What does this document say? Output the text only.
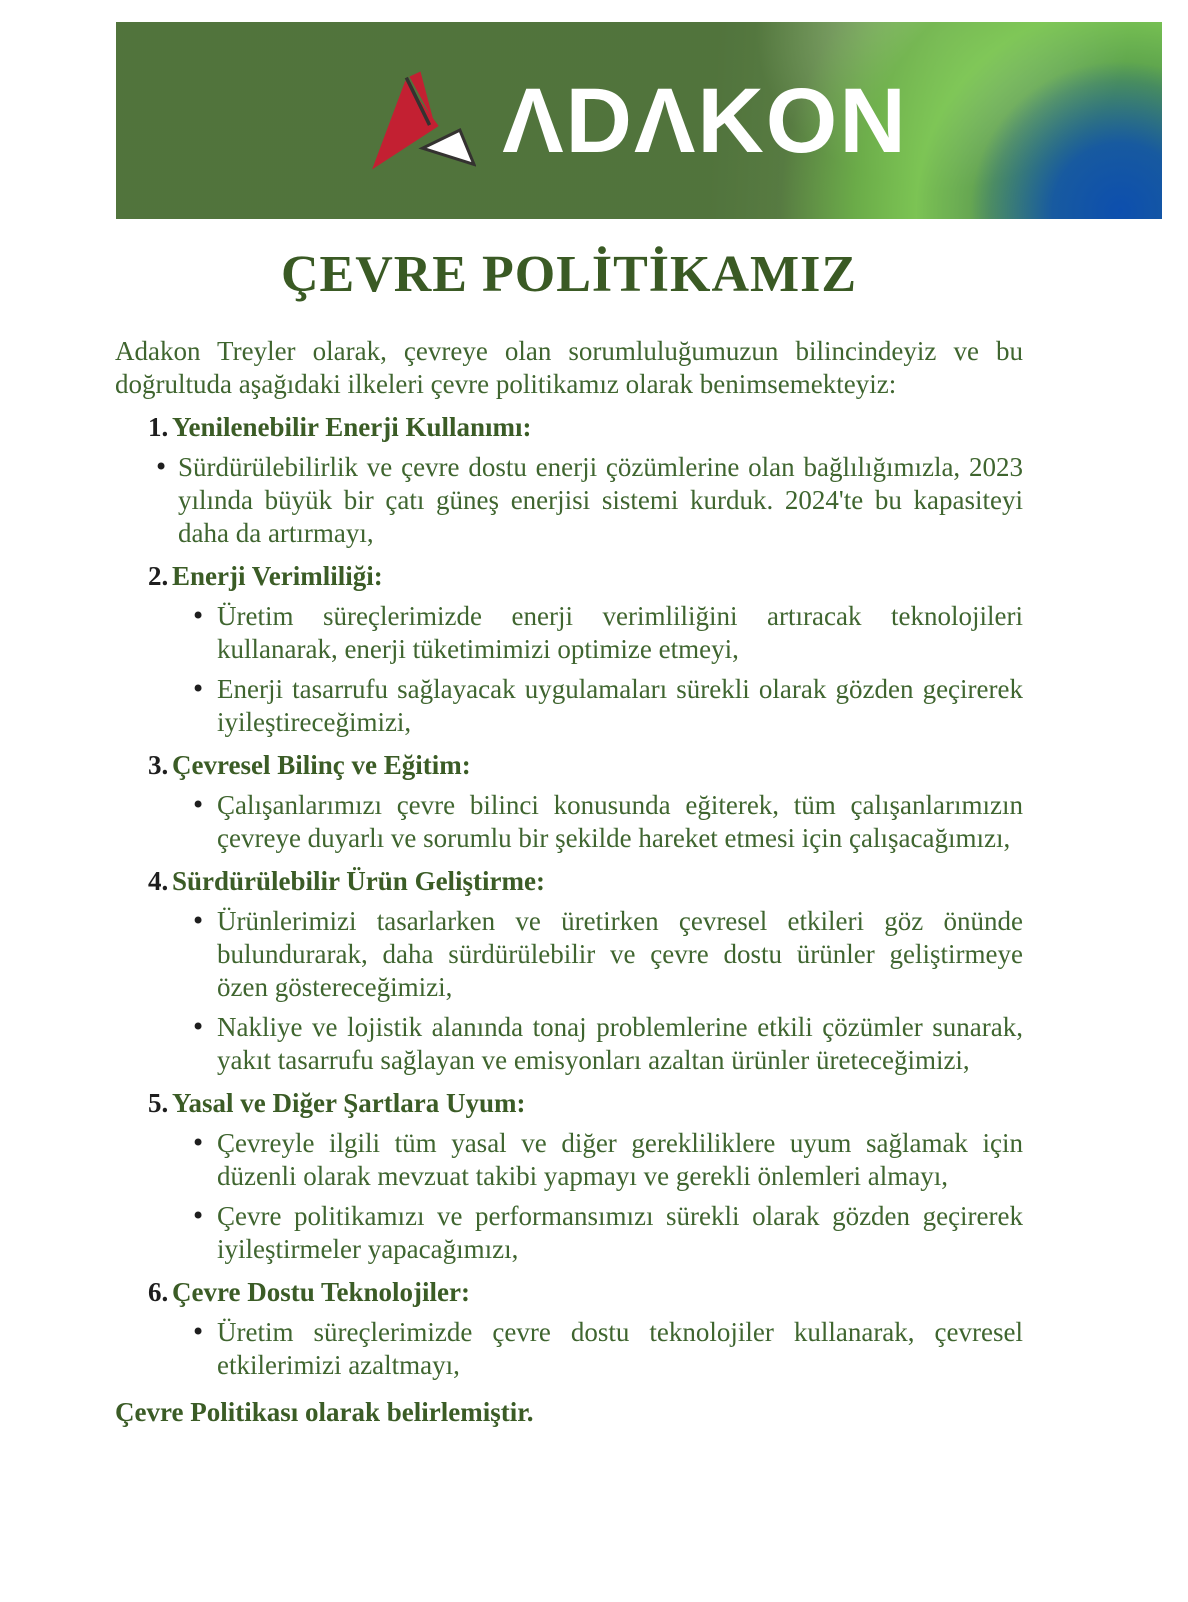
ΛDΛKON
ÇEVRE POLİTİKAMIZ

Adakon Treyler olarak, çevreye olan sorumluluğumuzun bilincindeyiz ve bu doğrultuda aşağıdaki ilkeleri çevre politikamız olarak benimsemekteyiz:

1. Yenilenebilir Enerji Kullanımı:

• Sürdürülebilirlik ve çevre dostu enerji çözümlerine olan bağlılığımızla, 2023 yılında büyük bir çatı güneş enerjisi sistemi kurduk. 2024'te bu kapasiteyi daha da artırmayı,

2. Enerji Verimliliği:

• Üretim süreçlerimizde enerji verimliliğini artıracak teknolojileri kullanarak, enerji tüketimimizi optimize etmeyi,

• Enerji tasarrufu sağlayacak uygulamaları sürekli olarak gözden geçirerek iyileştireceğimizi,

3. Çevresel Bilinç ve Eğitim:

• Çalışanlarımızı çevre bilinci konusunda eğiterek, tüm çalışanlarımızın çevreye duyarlı ve sorumlu bir şekilde hareket etmesi için çalışacağımızı,

4. Sürdürülebilir Ürün Geliştirme:

• Ürünlerimizi tasarlarken ve üretirken çevresel etkileri göz önünde bulundurarak, daha sürdürülebilir ve çevre dostu ürünler geliştirmeye özen göstereceğimizi,

• Nakliye ve lojistik alanında tonaj problemlerine etkili çözümler sunarak, yakıt tasarrufu sağlayan ve emisyonları azaltan ürünler üreteceğimizi,

5. Yasal ve Diğer Şartlara Uyum:

• Çevreyle ilgili tüm yasal ve diğer gerekliliklere uyum sağlamak için düzenli olarak mevzuat takibi yapmayı ve gerekli önlemleri almayı,

• Çevre politikamızı ve performansımızı sürekli olarak gözden geçirerek iyileştirmeler yapacağımızı,

6. Çevre Dostu Teknolojiler:

• Üretim süreçlerimizde çevre dostu teknolojiler kullanarak, çevresel etkilerimizi azaltmayı,

Çevre Politikası olarak belirlemiştir.
